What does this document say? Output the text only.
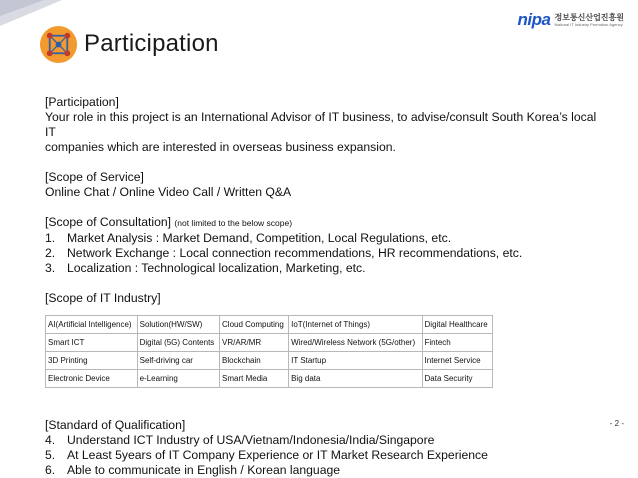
Participation
nipa 정보통신산업진흥원
National IT Industry Promotion Agency

[Participation]

Your role in this project is an International Advisor of IT business, to advise/consult South Korea’s local IT

companies which are interested in overseas business expansion.

[Scope of Service]

Online Chat / Online Video Call / Written Q&A

[Scope of Consultation] (not limited to the below scope)

1. Market Analysis : Market Demand, Competition, Local Regulations, etc.
2. Network Exchange : Local connection recommendations, HR recommendations, etc.
3. Localization : Technological localization, Marketing, etc.

[Scope of IT Industry]

AI(Artificial Intelligence)	Solution(HW/SW)	Cloud Computing	IoT(Internet of Things)	Digital Healthcare
Smart ICT	Digital (5G) Contents	VR/AR/MR	Wired/Wireless Network (5G/other)	Fintech
3D Printing	Self-driving car	Blockchain	IT Startup	Internet Service
Electronic Device	e-Learning	Smart Media	Big data	Data Security

[Standard of Qualification]

4. Understand ICT Industry of USA/Vietnam/Indonesia/India/Singapore
5. At Least 5years of IT Company Experience or IT Market Research Experience
6. Able to communicate in English / Korean language
- 2 -
